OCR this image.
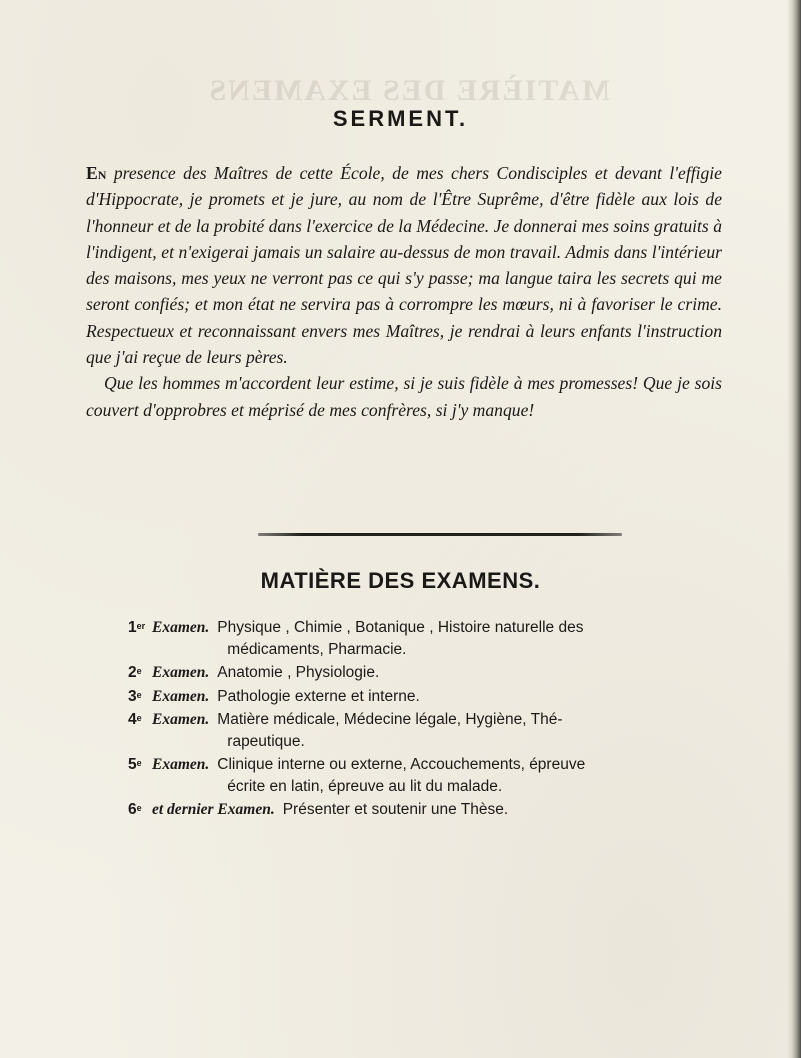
MATIÈRE DES EXAMENS
SERMENT.

En presence des Maîtres de cette École, de mes chers Condisciples et devant l'effigie d'Hippocrate, je promets et je jure, au nom de l'Être Suprême, d'être fidèle aux lois de l'honneur et de la probité dans l'exercice de la Médecine. Je donnerai mes soins gratuits à l'indigent, et n'exigerai jamais un salaire au-dessus de mon travail. Admis dans l'intérieur des maisons, mes yeux ne verront pas ce qui s'y passe; ma langue taira les secrets qui me seront confiés; et mon état ne servira pas à corrompre les mœurs, ni à favoriser le crime. Respectueux et reconnaissant envers mes Maîtres, je rendrai à leurs enfants l'instruction que j'ai reçue de leurs pères.

Que les hommes m'accordent leur estime, si je suis fidèle à mes promesses! Que je sois couvert d'opprobres et méprisé de mes confrères, si j'y manque!

MATIÈRE DES EXAMENS.
1er Examen. Physique , Chimie , Botanique , Histoire naturelle des
médicaments, Pharmacie.
2e Examen. Anatomie , Physiologie.
3e Examen. Pathologie externe et interne.
4e Examen. Matière médicale, Médecine légale, Hygiène, Thé-
rapeutique.
5e Examen. Clinique interne ou externe, Accouchements, épreuve
écrite en latin, épreuve au lit du malade.
6e et dernier Examen. Présenter et soutenir une Thèse.
